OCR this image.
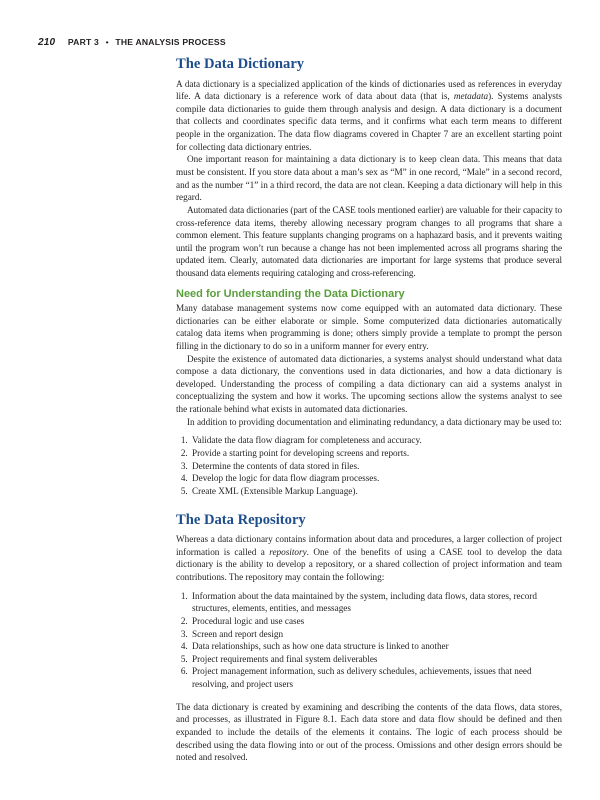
210 PART 3 • THE ANALYSIS PROCESS
The Data Dictionary

A data dictionary is a specialized application of the kinds of dictionaries used as references in everyday life. A data dictionary is a reference work of data about data (that is, metadata). Systems analysts compile data dictionaries to guide them through analysis and design. A data dictionary is a document that collects and coordinates specific data terms, and it confirms what each term means to different people in the organization. The data flow diagrams covered in Chapter 7 are an excellent starting point for collecting data dictionary entries.

One important reason for maintaining a data dictionary is to keep clean data. This means that data must be consistent. If you store data about a man’s sex as “M” in one record, “Male” in a second record, and as the number “1” in a third record, the data are not clean. Keeping a data dictionary will help in this regard.

Automated data dictionaries (part of the CASE tools mentioned earlier) are valuable for their capacity to cross-reference data items, thereby allowing necessary program changes to all programs that share a common element. This feature supplants changing programs on a haphazard basis, and it prevents waiting until the program won’t run because a change has not been implemented across all programs sharing the updated item. Clearly, automated data dictionaries are important for large systems that produce several thousand data elements requiring cataloging and cross-referencing.

Need for Understanding the Data Dictionary

Many database management systems now come equipped with an automated data dictionary. These dictionaries can be either elaborate or simple. Some computerized data dictionaries automatically catalog data items when programming is done; others simply provide a template to prompt the person filling in the dictionary to do so in a uniform manner for every entry.

Despite the existence of automated data dictionaries, a systems analyst should understand what data compose a data dictionary, the conventions used in data dictionaries, and how a data dictionary is developed. Understanding the process of compiling a data dictionary can aid a systems analyst in conceptualizing the system and how it works. The upcoming sections allow the systems analyst to see the rationale behind what exists in automated data dictionaries.

In addition to providing documentation and eliminating redundancy, a data dictionary may be used to:

1. Validate the data flow diagram for completeness and accuracy.
2. Provide a starting point for developing screens and reports.
3. Determine the contents of data stored in files.
4. Develop the logic for data flow diagram processes.
5. Create XML (Extensible Markup Language).
The Data Repository

Whereas a data dictionary contains information about data and procedures, a larger collection of project information is called a repository. One of the benefits of using a CASE tool to develop the data dictionary is the ability to develop a repository, or a shared collection of project information and team contributions. The repository may contain the following:

1. Information about the data maintained by the system, including data flows, data stores, record structures, elements, entities, and messages
2. Procedural logic and use cases
3. Screen and report design
4. Data relationships, such as how one data structure is linked to another
5. Project requirements and final system deliverables
6. Project management information, such as delivery schedules, achievements, issues that need resolving, and project users

The data dictionary is created by examining and describing the contents of the data flows, data stores, and processes, as illustrated in Figure 8.1. Each data store and data flow should be defined and then expanded to include the details of the elements it contains. The logic of each process should be described using the data flowing into or out of the process. Omissions and other design errors should be noted and resolved.
